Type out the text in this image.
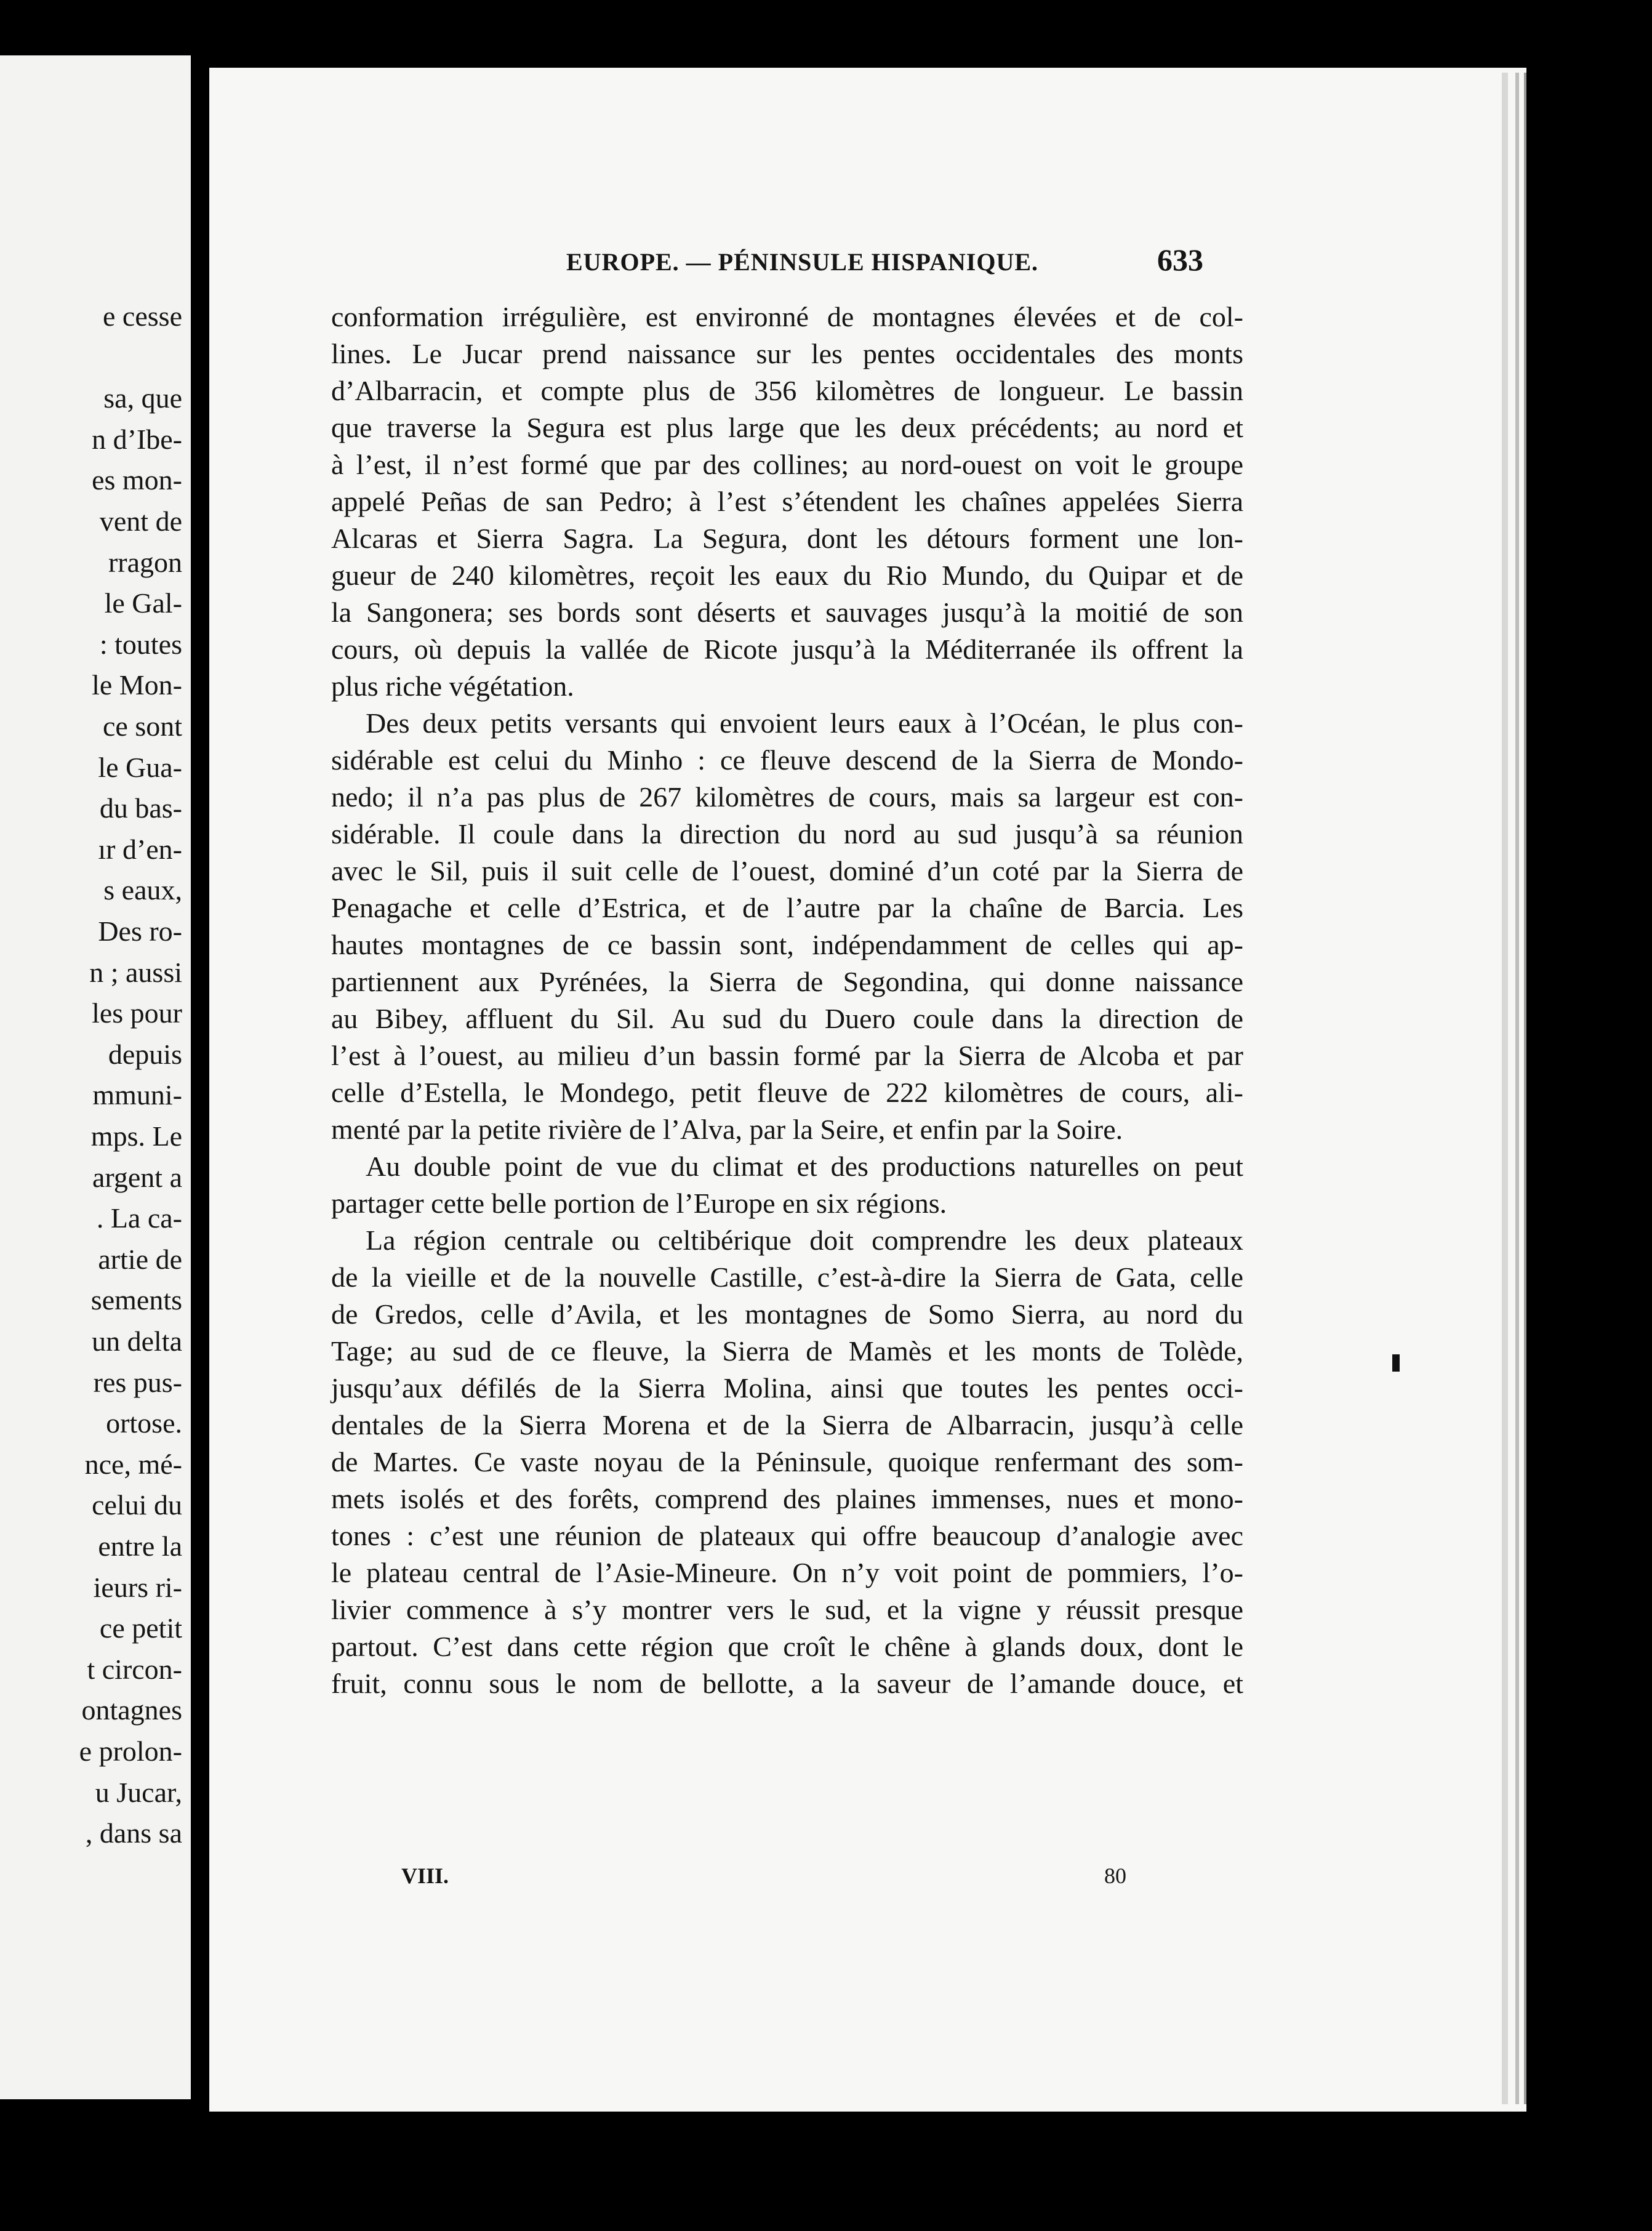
e cesse
sa, que
n d’Ibe-
es mon-
vent de
rragon
le Gal-
: toutes
le Mon-
ce sont
le Gua-
du bas-
ır d’en-
s eaux,
Des ro-
n ; aussi
les pour
depuis
mmuni-
mps. Le
argent a
. La ca-
artie de
sements
un delta
res pus-
ortose.
nce, mé-
celui du
entre la
ieurs ri-
ce petit
t circon-
ontagnes
e prolon-
u Jucar,
, dans sa
EUROPE. — PÉNINSULE HISPANIQUE.	633
conformation irrégulière, est environné de montagnes élevées et de col-
lines. Le Jucar prend naissance sur les pentes occidentales des monts
d’Albarracin, et compte plus de 356 kilomètres de longueur. Le bassin
que traverse la Segura est plus large que les deux précédents; au nord et
à l’est, il n’est formé que par des collines; au nord-ouest on voit le groupe
appelé Peñas de san Pedro; à l’est s’étendent les chaînes appelées Sierra
Alcaras et Sierra Sagra. La Segura, dont les détours forment une lon-
gueur de 240 kilomètres, reçoit les eaux du Rio Mundo, du Quipar et de
la Sangonera; ses bords sont déserts et sauvages jusqu’à la moitié de son
cours, où depuis la vallée de Ricote jusqu’à la Méditerranée ils offrent la
plus riche végétation.
Des deux petits versants qui envoient leurs eaux à l’Océan, le plus con-
sidérable est celui du Minho : ce fleuve descend de la Sierra de Mondo-
nedo; il n’a pas plus de 267 kilomètres de cours, mais sa largeur est con-
sidérable. Il coule dans la direction du nord au sud jusqu’à sa réunion
avec le Sil, puis il suit celle de l’ouest, dominé d’un coté par la Sierra de
Penagache et celle d’Estrica, et de l’autre par la chaîne de Barcia. Les
hautes montagnes de ce bassin sont, indépendamment de celles qui ap-
partiennent aux Pyrénées, la Sierra de Segondina, qui donne naissance
au Bibey, affluent du Sil. Au sud du Duero coule dans la direction de
l’est à l’ouest, au milieu d’un bassin formé par la Sierra de Alcoba et par
celle d’Estella, le Mondego, petit fleuve de 222 kilomètres de cours, ali-
menté par la petite rivière de l’Alva, par la Seire, et enfin par la Soire.
Au double point de vue du climat et des productions naturelles on peut
partager cette belle portion de l’Europe en six régions.
La région centrale ou celtibérique doit comprendre les deux plateaux
de la vieille et de la nouvelle Castille, c’est-à-dire la Sierra de Gata, celle
de Gredos, celle d’Avila, et les montagnes de Somo Sierra, au nord du
Tage; au sud de ce fleuve, la Sierra de Mamès et les monts de Tolède,
jusqu’aux défilés de la Sierra Molina, ainsi que toutes les pentes occi-
dentales de la Sierra Morena et de la Sierra de Albarracin, jusqu’à celle
de Martes. Ce vaste noyau de la Péninsule, quoique renfermant des som-
mets isolés et des forêts, comprend des plaines immenses, nues et mono-
tones : c’est une réunion de plateaux qui offre beaucoup d’analogie avec
le plateau central de l’Asie-Mineure. On n’y voit point de pommiers, l’o-
livier commence à s’y montrer vers le sud, et la vigne y réussit presque
partout. C’est dans cette région que croît le chêne à glands doux, dont le
fruit, connu sous le nom de bellotte, a la saveur de l’amande douce, et
VIII.	80
